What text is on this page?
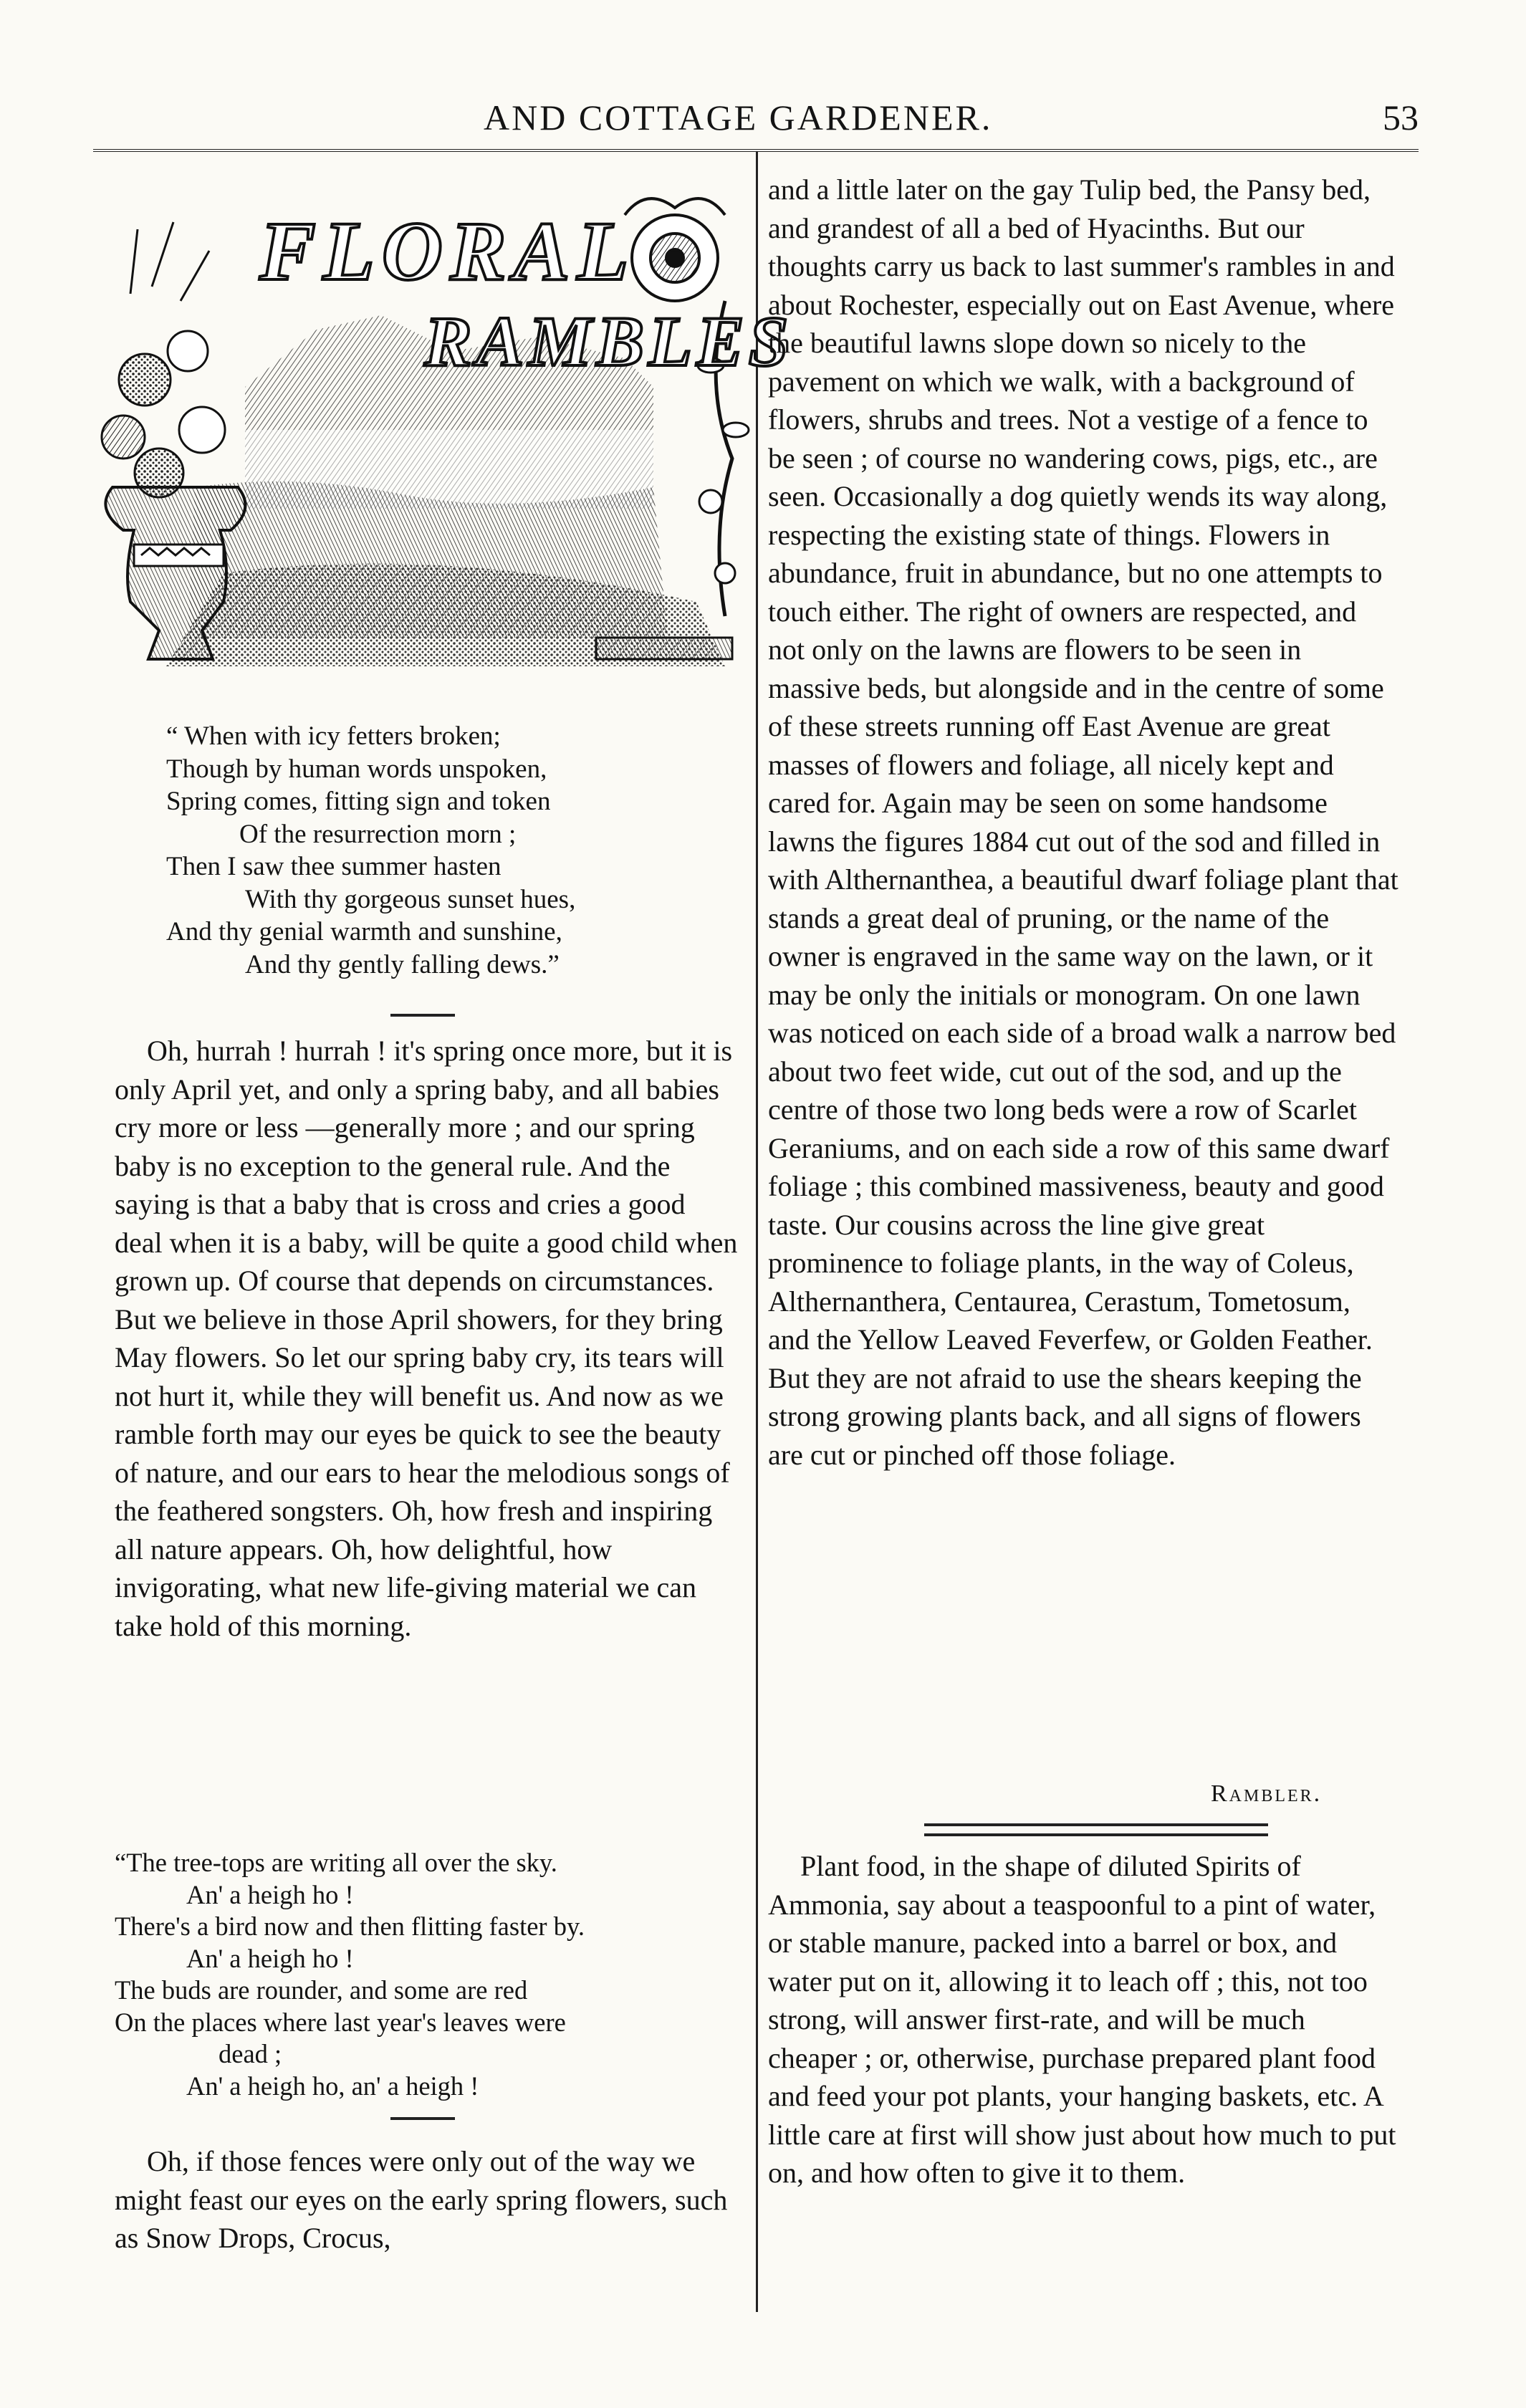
AND COTTAGE GARDENER.	53
FLORAL
RAMBLES
“ When with icy fetters broken;
Though by human words unspoken,
Spring comes, fitting sign and token
Of the resurrection morn ;
Then I saw thee summer hasten
With thy gorgeous sunset hues,
And thy genial warmth and sunshine,
And thy gently falling dews.”

Oh, hurrah ! hurrah ! it's spring once more, but it is only April yet, and only a spring baby, and all babies cry more or less —generally more ; and our spring baby is no exception to the general rule. And the saying is that a baby that is cross and cries a good deal when it is a baby, will be quite a good child when grown up. Of course that depends on circumstances. But we believe in those April showers, for they bring May flowers. So let our spring baby cry, its tears will not hurt it, while they will benefit us. And now as we ramble forth may our eyes be quick to see the beauty of nature, and our ears to hear the melodious songs of the feathered songsters. Oh, how fresh and inspiring all nature appears. Oh, how delightful, how invigorating, what new life-giving material we can take hold of this morning.

“The tree-tops are writing all over the sky.
An' a heigh ho !
There's a bird now and then flitting faster by.
An' a heigh ho !
The buds are rounder, and some are red
On the places where last year's leaves were
dead ;
An' a heigh ho, an' a heigh !

Oh, if those fences were only out of the way we might feast our eyes on the early spring flowers, such as Snow Drops, Crocus,

and a little later on the gay Tulip bed, the Pansy bed, and grandest of all a bed of Hyacinths. But our thoughts carry us back to last summer's rambles in and about Rochester, especially out on East Avenue, where the beautiful lawns slope down so nicely to the pavement on which we walk, with a background of flowers, shrubs and trees. Not a vestige of a fence to be seen ; of course no wandering cows, pigs, etc., are seen. Occasionally a dog quietly wends its way along, respecting the existing state of things. Flowers in abundance, fruit in abundance, but no one attempts to touch either. The right of owners are respected, and not only on the lawns are flowers to be seen in massive beds, but alongside and in the centre of some of these streets running off East Avenue are great masses of flowers and foliage, all nicely kept and cared for. Again may be seen on some handsome lawns the figures 1884 cut out of the sod and filled in with Althernanthea, a beautiful dwarf foliage plant that stands a great deal of pruning, or the name of the owner is engraved in the same way on the lawn, or it may be only the initials or monogram. On one lawn was noticed on each side of a broad walk a narrow bed about two feet wide, cut out of the sod, and up the centre of those two long beds were a row of Scarlet Geraniums, and on each side a row of this same dwarf foliage ; this combined massiveness, beauty and good taste. Our cousins across the line give great prominence to foliage plants, in the way of Coleus, Althernanthera, Centaurea, Cerastum, Tometosum, and the Yellow Leaved Feverfew, or Golden Feather. But they are not afraid to use the shears keeping the strong growing plants back, and all signs of flowers are cut or pinched off those foliage.

Rambler.

Plant food, in the shape of diluted Spirits of Ammonia, say about a teaspoonful to a pint of water, or stable manure, packed into a barrel or box, and water put on it, allowing it to leach off ; this, not too strong, will answer first-rate, and will be much cheaper ; or, otherwise, purchase prepared plant food and feed your pot plants, your hanging baskets, etc. A little care at first will show just about how much to put on, and how often to give it to them.
